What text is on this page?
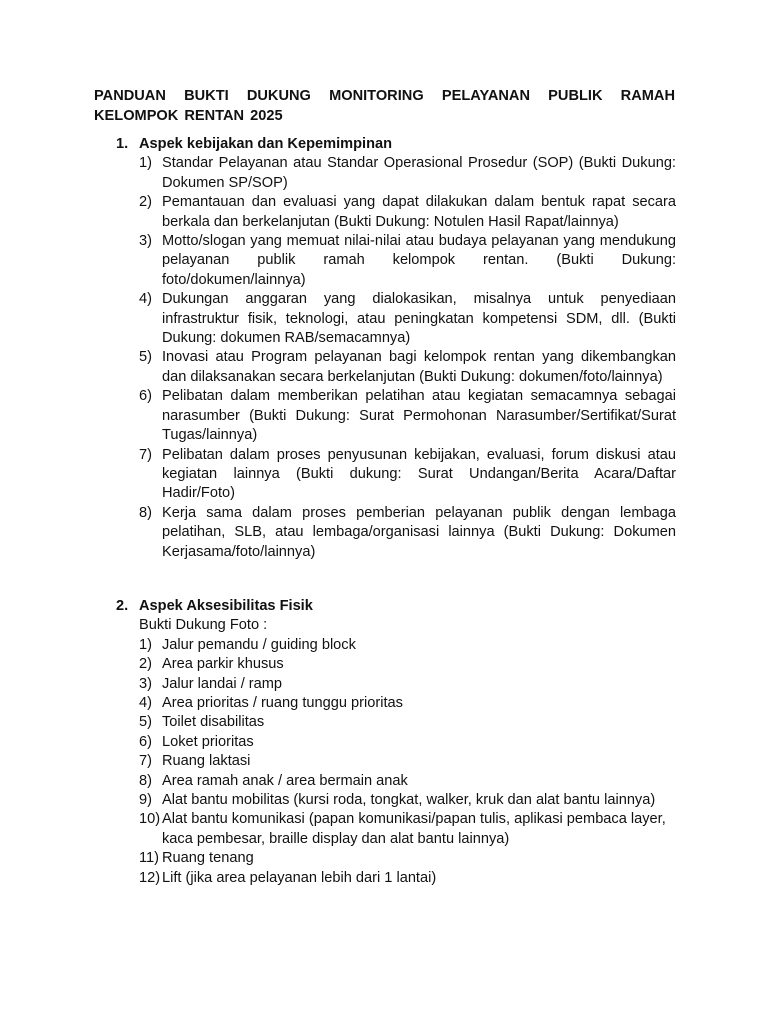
PANDUAN BUKTI DUKUNG MONITORING PELAYANAN PUBLIK RAMAH KELOMPOK RENTAN 2025
1. Aspek kebijakan dan Kepemimpinan
1) Standar Pelayanan atau Standar Operasional Prosedur (SOP) (Bukti Dukung: Dokumen SP/SOP)
2) Pemantauan dan evaluasi yang dapat dilakukan dalam bentuk rapat secara berkala dan berkelanjutan (Bukti Dukung: Notulen Hasil Rapat/lainnya)
3) Motto/slogan yang memuat nilai-nilai atau budaya pelayanan yang mendukung pelayanan publik ramah kelompok rentan. (Bukti Dukung: foto/dokumen/lainnya)
4) Dukungan anggaran yang dialokasikan, misalnya untuk penyediaan infrastruktur fisik, teknologi, atau peningkatan kompetensi SDM, dll. (Bukti Dukung: dokumen RAB/semacamnya)
5) Inovasi atau Program pelayanan bagi kelompok rentan yang dikembangkan dan dilaksanakan secara berkelanjutan (Bukti Dukung: dokumen/foto/lainnya)
6) Pelibatan dalam memberikan pelatihan atau kegiatan semacamnya sebagai narasumber (Bukti Dukung: Surat Permohonan Narasumber/Sertifikat/Surat Tugas/lainnya)
7) Pelibatan dalam proses penyusunan kebijakan, evaluasi, forum diskusi atau kegiatan lainnya (Bukti dukung: Surat Undangan/Berita Acara/Daftar Hadir/Foto)
8) Kerja sama dalam proses pemberian pelayanan publik dengan lembaga pelatihan, SLB, atau lembaga/organisasi lainnya (Bukti Dukung: Dokumen Kerjasama/foto/lainnya)
2. Aspek Aksesibilitas Fisik
Bukti Dukung Foto :
1) Jalur pemandu / guiding block
2) Area parkir khusus
3) Jalur landai / ramp
4) Area prioritas / ruang tunggu prioritas
5) Toilet disabilitas
6) Loket prioritas
7) Ruang laktasi
8) Area ramah anak / area bermain anak
9) Alat bantu mobilitas (kursi roda, tongkat, walker, kruk dan alat bantu lainnya)
10) Alat bantu komunikasi (papan komunikasi/papan tulis, aplikasi pembaca layer, kaca pembesar, braille display dan alat bantu lainnya)
11) Ruang tenang
12) Lift (jika area pelayanan lebih dari 1 lantai)
